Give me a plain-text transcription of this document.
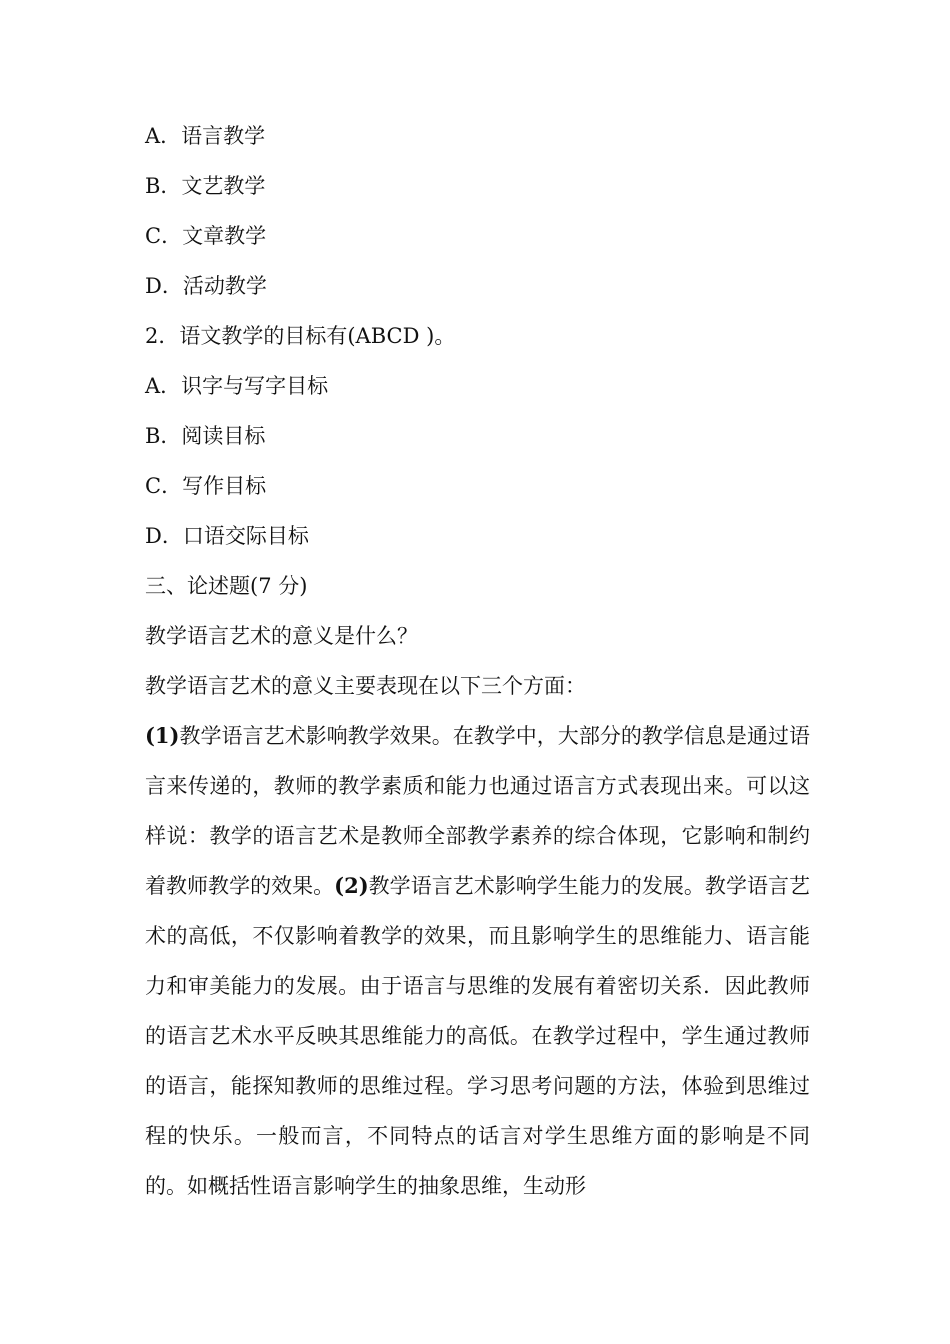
A．语言教学
B．文艺教学
C．文章教学
D．活动教学
2．语文教学的目标有(ABCD )。
A．识字与写字目标
B．阅读目标
C．写作目标
D．口语交际目标
三、论述题(7 分)
教学语言艺术的意义是什么？
教学语言艺术的意义主要表现在以下三个方面：
(1)教学语言艺术影响教学效果。在教学中，大部分的教学信息是通过语言来传递的，教师的教学素质和能力也通过语言方式表现出来。可以这样说：教学的语言艺术是教师全部教学素养的综合体现，它影响和制约着教师教学的效果。(2)教学语言艺术影响学生能力的发展。教学语言艺术的高低，不仅影响着教学的效果，而且影响学生的思维能力、语言能力和审美能力的发展。由于语言与思维的发展有着密切关系．因此教师的语言艺术水平反映其思维能力的高低。在教学过程中，学生通过教师的语言，能探知教师的思维过程。学习思考问题的方法，体验到思维过程的快乐。一般而言，不同特点的话言对学生思维方面的影响是不同的。如概括性语言影响学生的抽象思维，生动形
